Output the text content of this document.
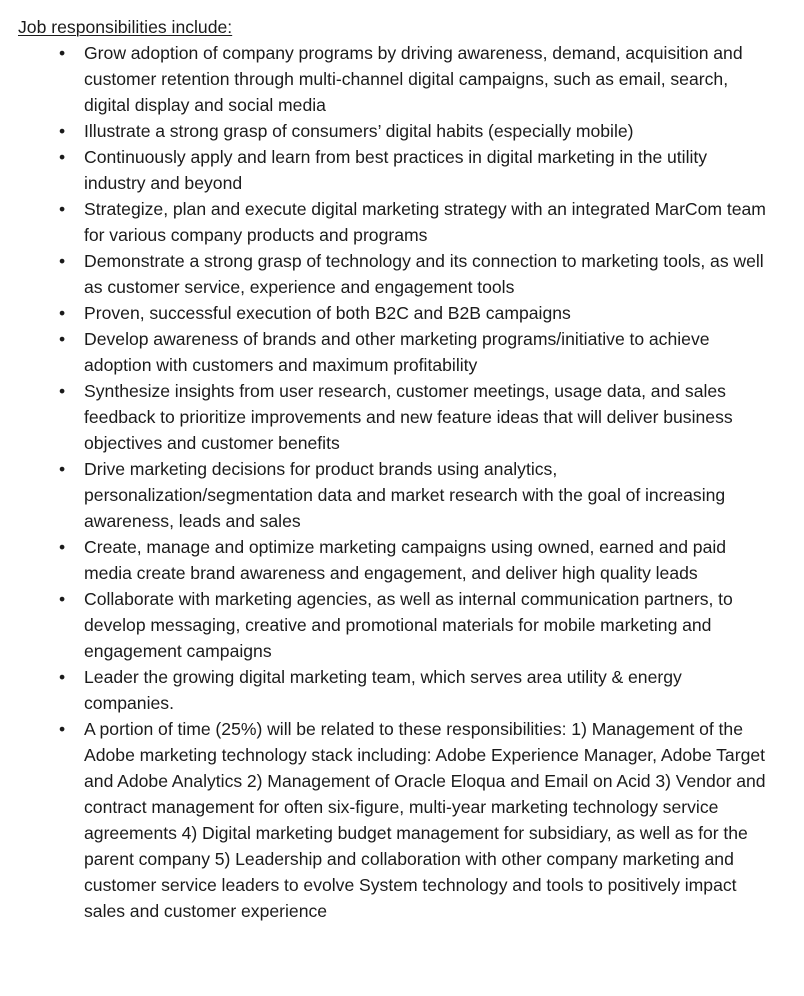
Job responsibilities include:
• Grow adoption of company programs by driving awareness, demand, acquisition and customer retention through multi-channel digital campaigns, such as email, search, digital display and social media
• Illustrate a strong grasp of consumers’ digital habits (especially mobile)
• Continuously apply and learn from best practices in digital marketing in the utility industry and beyond
• Strategize, plan and execute digital marketing strategy with an integrated MarCom team for various company products and programs
• Demonstrate a strong grasp of technology and its connection to marketing tools, as well as customer service, experience and engagement tools
• Proven, successful execution of both B2C and B2B campaigns
• Develop awareness of brands and other marketing programs/initiative to achieve adoption with customers and maximum profitability
• Synthesize insights from user research, customer meetings, usage data, and sales feedback to prioritize improvements and new feature ideas that will deliver business objectives and customer benefits
• Drive marketing decisions for product brands using analytics, personalization/segmentation data and market research with the goal of increasing awareness, leads and sales
• Create, manage and optimize marketing campaigns using owned, earned and paid media create brand awareness and engagement, and deliver high quality leads
• Collaborate with marketing agencies, as well as internal communication partners, to develop messaging, creative and promotional materials for mobile marketing and engagement campaigns
• Leader the growing digital marketing team, which serves area utility & energy companies.
• A portion of time (25%) will be related to these responsibilities: 1) Management of the Adobe marketing technology stack including: Adobe Experience Manager, Adobe Target and Adobe Analytics 2) Management of Oracle Eloqua and Email on Acid 3) Vendor and contract management for often six-figure, multi-year marketing technology service agreements 4) Digital marketing budget management for subsidiary, as well as for the parent company 5) Leadership and collaboration with other company marketing and customer service leaders to evolve System technology and tools to positively impact sales and customer experience
